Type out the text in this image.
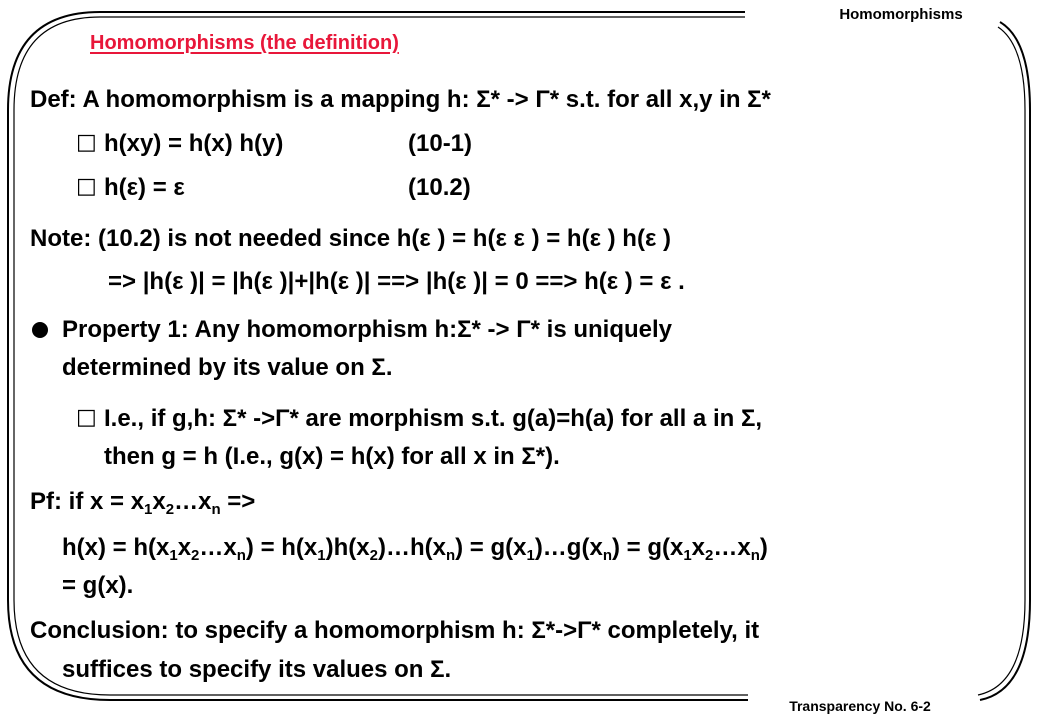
Homomorphisms
Homomorphisms (the definition)
Def: A homomorphism is a mapping h: Σ* -> Γ* s.t. for all x,y in Σ*
□ h(xy) = h(x) h(y)	(10-1)
□ h(ε) = ε	(10.2)
Note: (10.2) is not needed since h(ε ) = h(ε ε ) = h(ε ) h(ε )
=> |h(ε )| = |h(ε )|+|h(ε )| ==> |h(ε )| = 0 ==> h(ε ) = ε .
Property 1: Any homomorphism h:Σ* -> Γ* is uniquely
determined by its value on Σ.
□ I.e., if g,h: Σ* ->Γ* are morphism s.t. g(a)=h(a) for all a in Σ,
then g = h (I.e., g(x) = h(x) for all x in Σ*).
Pf: if $x = x_1x_2\dots x_n$ =>
$h(x) = h(x_1x_2\dots x_n)$ = $h(x_1)h(x_2)\dots h(x_n)$ = $g(x_1)\dots g(x_n)$ = $g(x_1x_2\dots x_n)$
= g(x).
Conclusion: to specify a homomorphism h: Σ*->Γ* completely, it
suffices to specify its values on Σ.
Transparency No. 6-2
